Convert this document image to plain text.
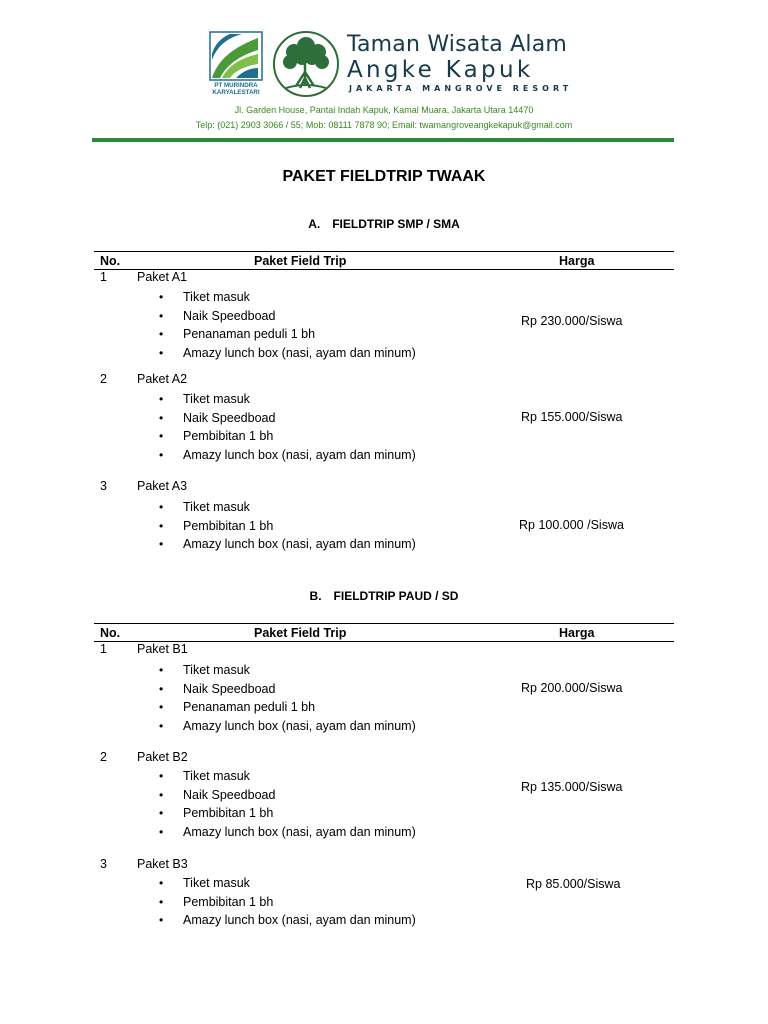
PT MURINDRA
KARYALESTARI
Taman Wisata Alam
Angke Kapuk
JAKARTA MANGROVE RESORT
Jl. Garden House, Pantai Indah Kapuk, Kamal Muara, Jakarta Utara 14470
Telp: (021) 2903 3066 / 55; Mob: 08111 7878 90; Email: twamangroveangkekapuk@gmail.com
PAKET FIELDTRIP TWAAK
A. FIELDTRIP SMP / SMA
No.	Paket Field Trip	Harga
1 Paket A1
• Tiket masuk
• Naik Speedboad
• Penanaman peduli 1 bh
• Amazy lunch box (nasi, ayam dan minum)
Rp 230.000/Siswa
2 Paket A2
• Tiket masuk
• Naik Speedboad
• Pembibitan 1 bh
• Amazy lunch box (nasi, ayam dan minum)
Rp 155.000/Siswa
3 Paket A3
• Tiket masuk
• Pembibitan 1 bh
• Amazy lunch box (nasi, ayam dan minum)
Rp 100.000 /Siswa
B. FIELDTRIP PAUD / SD
No.	Paket Field Trip	Harga
1 Paket B1
• Tiket masuk
• Naik Speedboad
• Penanaman peduli 1 bh
• Amazy lunch box (nasi, ayam dan minum)
Rp 200.000/Siswa
2 Paket B2
• Tiket masuk
• Naik Speedboad
• Pembibitan 1 bh
• Amazy lunch box (nasi, ayam dan minum)
Rp 135.000/Siswa
3 Paket B3
• Tiket masuk
• Pembibitan 1 bh
• Amazy lunch box (nasi, ayam dan minum)
Rp 85.000/Siswa
